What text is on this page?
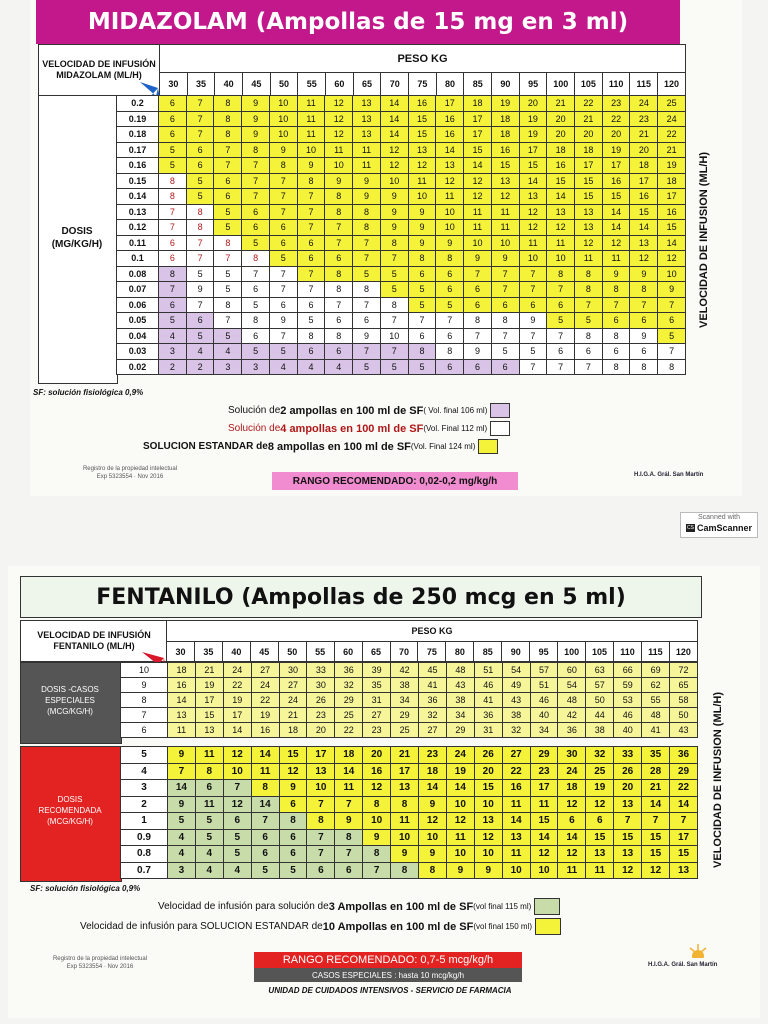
MIDAZOLAM (Ampollas de 15 mg en 3 ml)
VELOCIDAD DE INFUSIÓN MIDAZOLAM (ML/H)
PESO KG
30	35	40	45	50	55	60	65	70	75	80	85	90	95	100	105	110	115	120
DOSIS (MG/KG/H)
0.2	6	7	8	9	10	11	12	13	14	16	17	18	19	20	21	22	23	24	25
0.19	6	7	8	9	10	11	12	13	14	15	16	17	18	19	20	21	22	23	24
0.18	6	7	8	9	10	11	12	13	14	15	16	17	18	19	20	20	20	21	22
0.17	5	6	7	8	9	10	11	11	12	13	14	15	16	17	18	18	19	20	21
0.16	5	6	7	7	8	9	10	11	12	12	13	14	15	15	16	17	17	18	19
0.15	8	5	6	7	7	8	9	9	10	11	12	12	13	14	15	15	16	17	18
0.14	8	5	6	7	7	7	8	9	9	10	11	12	12	13	14	15	15	16	17
0.13	7	8	5	6	7	7	8	8	9	9	10	11	11	12	13	13	14	15	16
0.12	7	8	5	6	6	7	7	8	9	9	10	11	11	12	12	13	14	14	15
0.11	6	7	8	5	6	6	7	7	8	9	9	10	10	11	11	12	12	13	14
0.1	6	7	7	8	5	6	6	7	7	8	8	9	9	10	10	11	11	12	12
0.08	8	5	5	7	7	7	8	5	5	6	6	7	7	7	8	8	9	9	10
0.07	7	9	5	6	7	7	8	8	5	5	6	6	7	7	7	8	8	8	9
0.06	6	7	8	5	6	6	7	7	8	5	5	6	6	6	6	7	7	7	7
0.05	5	6	7	8	9	5	6	6	7	7	7	8	8	9	5	5	6	6	6
0.04	4	5	5	6	7	8	8	9	10	6	6	7	7	7	7	8	8	9	5
0.03	3	4	4	5	5	6	6	7	7	8	8	9	5	5	6	6	6	6	7
0.02	2	2	3	3	4	4	4	5	5	5	6	6	6	7	7	7	8	8	8
VELOCIDAD DE INFUSION (ML/H)
SF: solución fisiológica 0,9%
Solución de 2 ampollas en 100 ml de SF ( Vol. final 106 ml)
Solución de 4 ampollas en 100 ml de SF (Vol. Final 112 ml)
SOLUCION ESTANDAR de 8 ampollas en 100 ml de SF (Vol. Final 124 ml)
Registro de la propiedad intelectual
Exp 5323554 · Nov 2016	RANGO RECOMENDADO: 0,02-0,2 mg/kg/h
H.I.G.A. Grál. San Martín
Scanned with
CS CamScanner
FENTANILO (Ampollas de 250 mcg en 5 ml)
VELOCIDAD DE INFUSIÓN FENTANILO (ML/H)
PESO KG
30	35	40	45	50	55	60	65	70	75	80	85	90	95	100	105	110	115	120
DOSIS -CASOS ESPECIALES (MCG/KG/H)
10	18	21	24	27	30	33	36	39	42	45	48	51	54	57	60	63	66	69	72
9	16	19	22	24	27	30	32	35	38	41	43	46	49	51	54	57	59	62	65
8	14	17	19	22	24	26	29	31	34	36	38	41	43	46	48	50	53	55	58
7	13	15	17	19	21	23	25	27	29	32	34	36	38	40	42	44	46	48	50
6	11	13	14	16	18	20	22	23	25	27	29	31	32	34	36	38	40	41	43
DOSIS RECOMENDADA (MCG/KG/H)
5	9	11	12	14	15	17	18	20	21	23	24	26	27	29	30	32	33	35	36
4	7	8	10	11	12	13	14	16	17	18	19	20	22	23	24	25	26	28	29
3	14	6	7	8	9	10	11	12	13	14	14	15	16	17	18	19	20	21	22
2	9	11	12	14	6	7	7	8	8	9	10	10	11	11	12	12	13	14	14
1	5	5	6	7	8	8	9	10	11	12	12	13	14	15	6	6	7	7	7
0.9	4	5	5	6	6	7	8	9	10	10	11	12	13	14	14	15	15	15	17
0.8	4	4	5	6	6	7	7	8	9	9	10	10	11	12	12	13	13	15	15
0.7	3	4	4	5	5	6	6	7	8	8	9	9	10	10	11	11	12	12	13
VELOCIDAD DE INFUSION (ML/H)
SF: solución fisiológica 0,9%
Velocidad de infusión para solución de 3 Ampollas en 100 ml de SF (vol final 115 ml)
Velocidad de infusión para SOLUCION ESTANDAR de 10 Ampollas en 100 ml de SF (vol final 150 ml)
Registro de la propiedad intelectual
Exp 5323554 · Nov 2016
RANGO RECOMENDADO: 0,7-5 mcg/kg/h
CASOS ESPECIALES : hasta 10 mcg/kg/h
UNIDAD DE CUIDADOS INTENSIVOS - SERVICIO DE FARMACIA
H.I.G.A. Grál. San Martín
